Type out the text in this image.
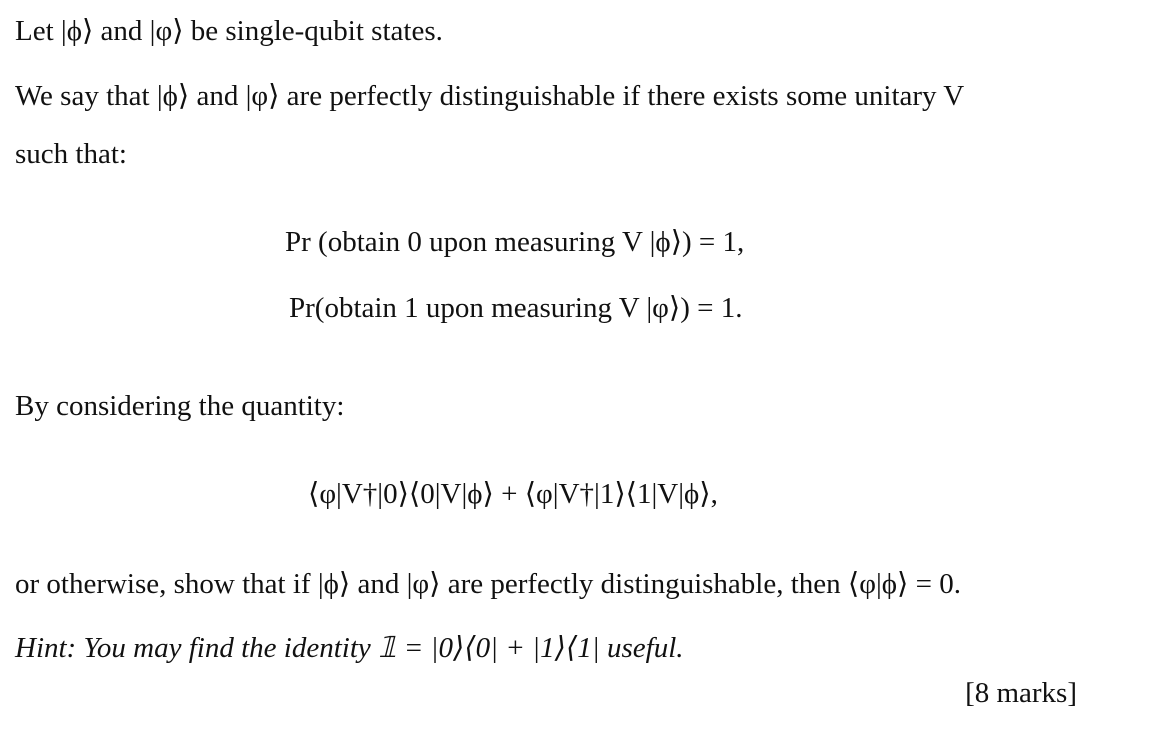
Let |ϕ⟩ and |φ⟩ be single-qubit states.
We say that |ϕ⟩ and |φ⟩ are perfectly distinguishable if there exists some unitary V
such that:
Pr (obtain 0 upon measuring V |ϕ⟩) = 1,
Pr(obtain 1 upon measuring V |φ⟩) = 1.
By considering the quantity:
⟨φ|V†|0⟩⟨0|V|ϕ⟩ + ⟨φ|V†|1⟩⟨1|V|ϕ⟩,
or otherwise, show that if |ϕ⟩ and |φ⟩ are perfectly distinguishable, then ⟨φ|ϕ⟩ = 0.
Hint: You may find the identity 𝟙 = |0⟩⟨0| + |1⟩⟨1| useful.
[8 marks]
